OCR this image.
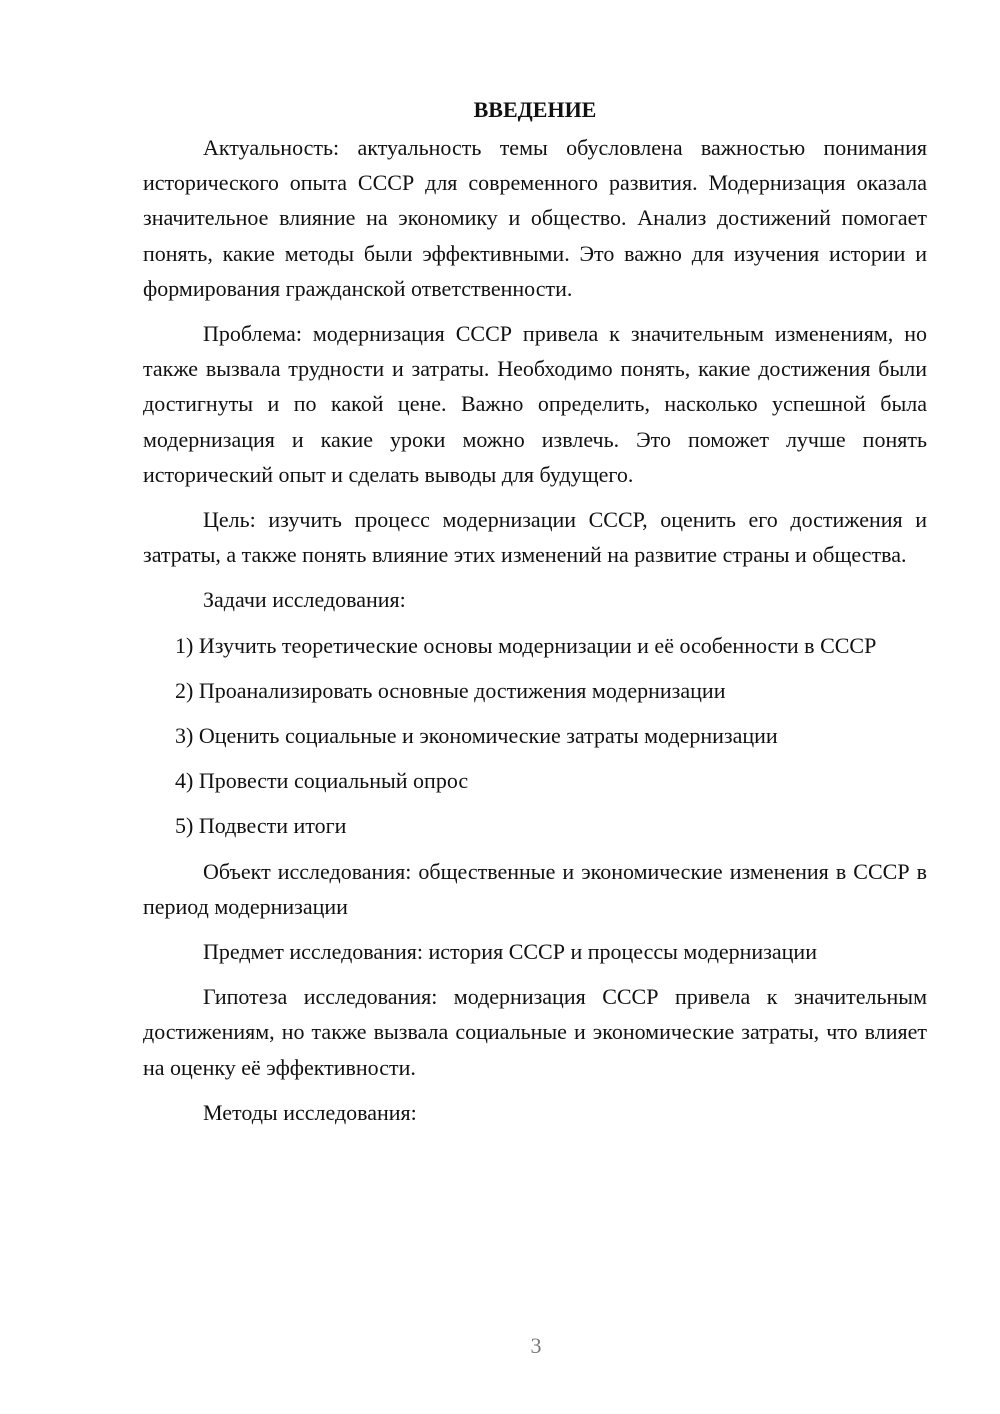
ВВЕДЕНИЕ

Актуальность: актуальность темы обусловлена важностью понимания исторического опыта СССР для современного развития. Модернизация оказала значительное влияние на экономику и общество. Анализ достижений помогает понять, какие методы были эффективными. Это важно для изучения истории и формирования гражданской ответственности.

Проблема: модернизация СССР привела к значительным изменениям, но также вызвала трудности и затраты. Необходимо понять, какие достижения были достигнуты и по какой цене. Важно определить, насколько успешной была модернизация и какие уроки можно извлечь. Это поможет лучше понять исторический опыт и сделать выводы для будущего.

Цель: изучить процесс модернизации СССР, оценить его достижения и затраты, а также понять влияние этих изменений на развитие страны и общества.

Задачи исследования:

1) Изучить теоретические основы модернизации и её особенности в СССР

2) Проанализировать основные достижения модернизации

3) Оценить социальные и экономические затраты модернизации

4) Провести социальный опрос

5) Подвести итоги

Объект исследования: общественные и экономические изменения в СССР в период модернизации

Предмет исследования: история СССР и процессы модернизации

Гипотеза исследования: модернизация СССР привела к значительным достижениям, но также вызвала социальные и экономические затраты, что влияет на оценку её эффективности.

Методы исследования:

3
